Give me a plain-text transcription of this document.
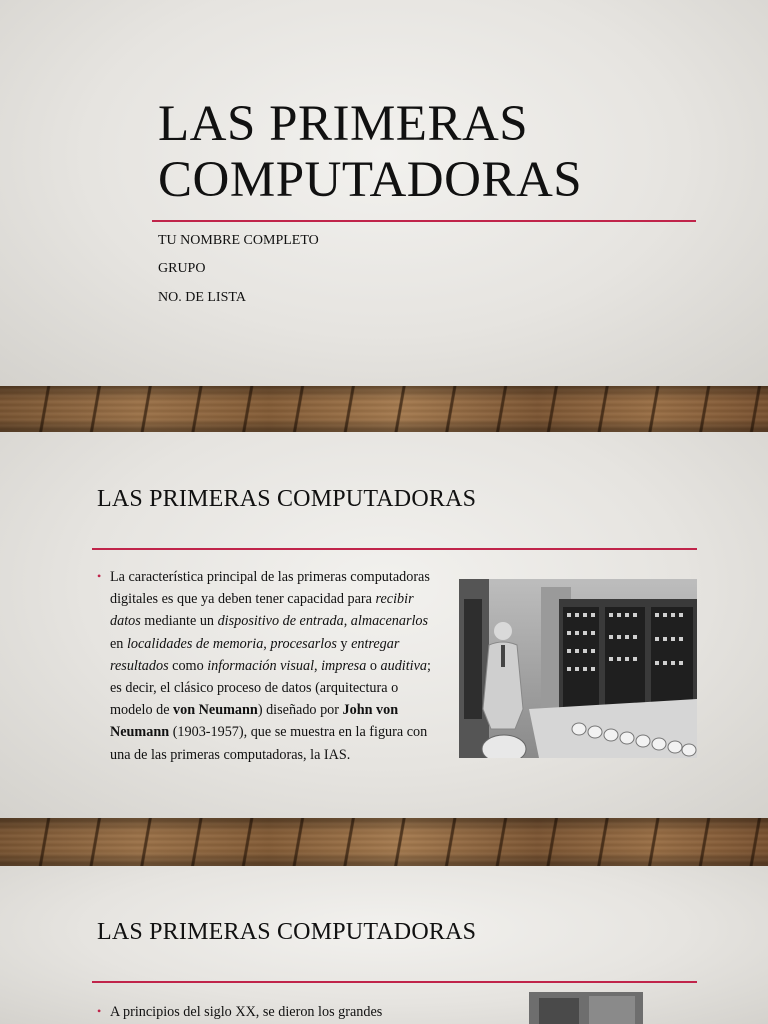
LAS PRIMERAS
COMPUTADORAS
TU NOMBRE COMPLETO
GRUPO
NO. DE LISTA
LAS PRIMERAS COMPUTADORAS
• La característica principal de las primeras computadoras digitales es que ya deben tener capacidad para recibir datos mediante un dispositivo de entrada, almacenarlos en localidades de memoria, procesarlos y entregar resultados como información visual, impresa o auditiva; es decir, el clásico proceso de datos (arquitectura o modelo de von Neumann) diseñado por John von Neumann (1903-1957), que se muestra en la figura con una de las primeras computadoras, la IAS.
LAS PRIMERAS COMPUTADORAS
• A principios del siglo XX, se dieron los grandes
